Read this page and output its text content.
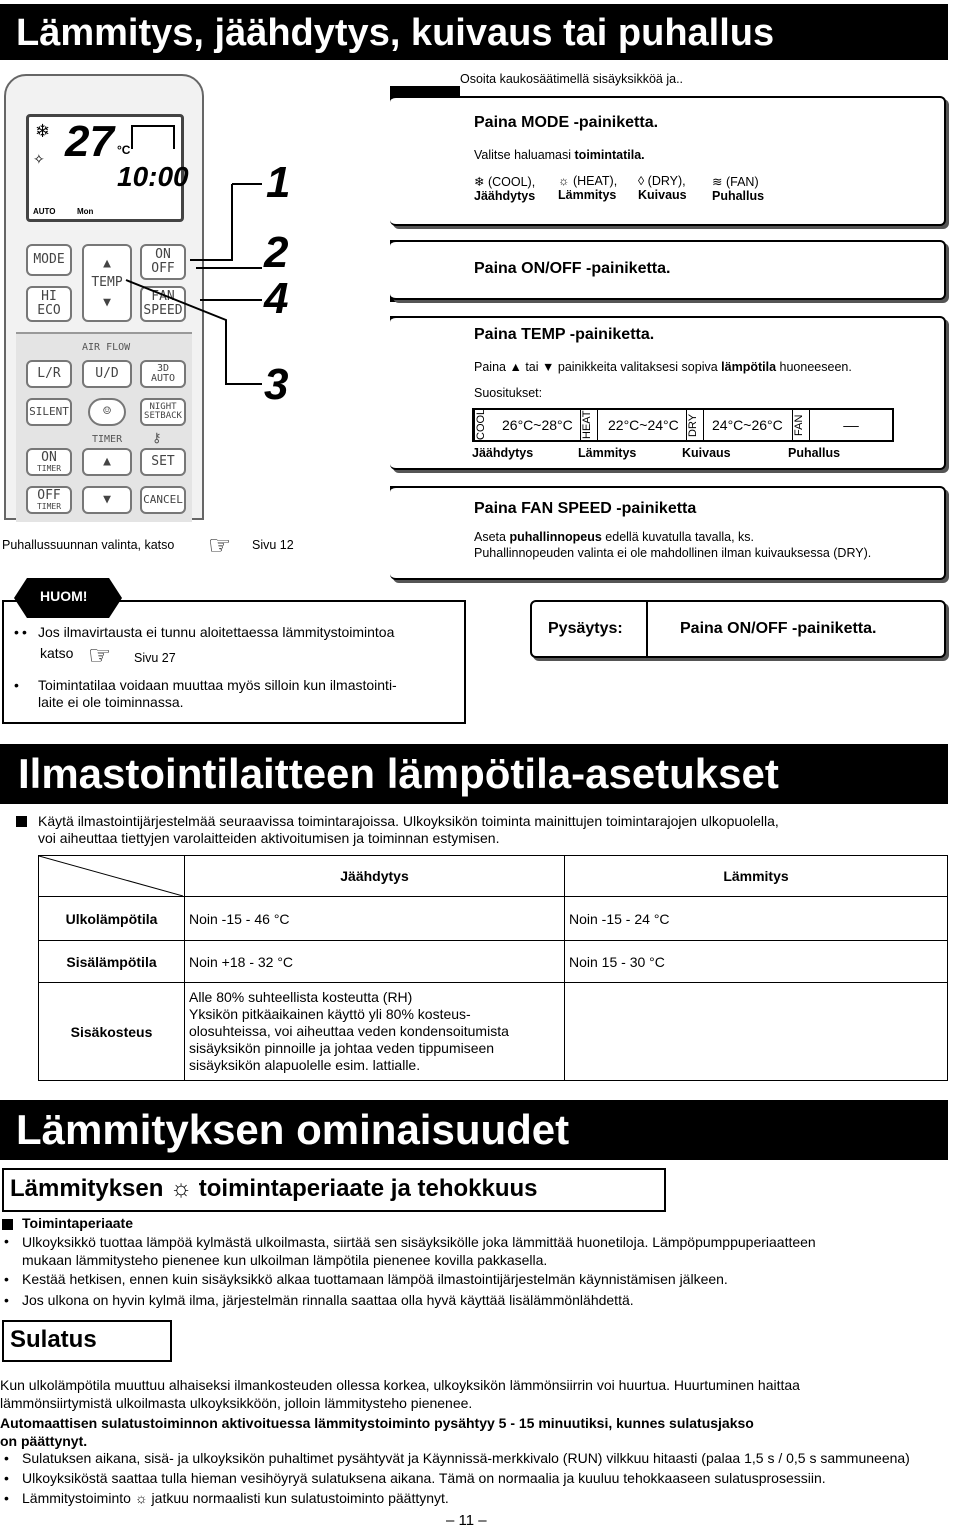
Lämmitys, jäähdytys, kuivaus tai puhallus
Osoita kaukosäätimellä sisäyksikköä ja..
❄
✧ 27 °C
10:00
AUTO	Mon
MODE
HI
ECO
▲
TEMP
▼
ON
OFF
FAN
SPEED
AIR FLOW
L/R	U/D	3D AUTO
SILENT	☺	NIGHT
SETBACK
TIMER ⚷
ON
TIMER	▲	SET
OFF
TIMER	▼	CANCEL
1
2
4
3
Puhallussuunnan valinta, katso ☞ Sivu 12
Paina MODE -painiketta.
Valitse haluamasi toimintatila.
❄ (COOL),
Jäähdytys
☼ (HEAT),
Lämmitys
◊ (DRY),
Kuivaus
≋ (FAN)
Puhallus
Paina ON/OFF -painiketta.
Paina TEMP -painiketta.
Paina ▲ tai ▼ painikkeita valitaksesi sopiva lämpötila huoneeseen.
Suositukset:
COOL	26°C~28°C HEAT	22°C~24°C DRY 24°C~26°C FAN	––
Jäähdytys	Lämmitys	Kuivaus	Puhallus
Paina FAN SPEED -painiketta
Aseta puhallinnopeus edellä kuvatulla tavalla, ks.
Puhallinnopeuden valinta ei ole mahdollinen ilman kuivauksessa (DRY).
HUOM!
Jos ilmavirtausta ei tunnu aloitettaessa lämmitystoimintoa
katso ☞ Sivu 27
Toimintatilaa voidaan muuttaa myös silloin kun ilmastointi-
laite ei ole toiminnassa.
•
•
Pysäytys:	Paina ON/OFF -painiketta.
Ilmastointilaitteen lämpötila-asetukset
Käytä ilmastointijärjestelmää seuraavissa toimintarajoissa. Ulkoyksikön toiminta mainittujen toimintarajojen ulkopuolella,
voi aiheuttaa tiettyjen varolaitteiden aktivoitumisen ja toiminnan estymisen.
	Jäähdytys	Lämmitys
Ulkolämpötila	Noin -15 - 46 °C	Noin -15 - 24 °C
Sisälämpötila	Noin +18 - 32 °C	Noin 15 - 30 °C
Sisäkosteus	Alle 80% suhteellista kosteutta (RH)
Yksikön pitkäaikainen käyttö yli 80% kosteus-
olosuhteissa, voi aiheuttaa veden kondensoitumista
sisäyksikön pinnoille ja johtaa veden tippumiseen
sisäyksikön alapuolelle esim. lattialle.	
Lämmityksen ominaisuudet
Lämmityksen ☼ toimintaperiaate ja tehokkuus
Toimintaperiaate
• Ulkoyksikkö tuottaa lämpöä kylmästä ulkoilmasta, siirtää sen sisäyksikölle joka lämmittää huonetiloja. Lämpöpumppuperiaatteen
mukaan lämmitysteho pienenee kun ulkoilman lämpötila pienenee kovilla pakkasella.
• Kestää hetkisen, ennen kuin sisäyksikkö alkaa tuottamaan lämpöä ilmastointijärjestelmän käynnistämisen jälkeen.
• Jos ulkona on hyvin kylmä ilma, järjestelmän rinnalla saattaa olla hyvä käyttää lisälämmönlähdettä.
Sulatus
Kun ulkolämpötila muuttuu alhaiseksi ilmankosteuden ollessa korkea, ulkoyksikön lämmönsiirrin voi huurtua. Huurtuminen haittaa
lämmönsiirtymistä ulkoilmasta ulkoyksikköön, jolloin lämmitysteho pienenee.
Automaattisen sulatustoiminnon aktivoituessa lämmitystoiminto pysähtyy 5 - 15 minuutiksi, kunnes sulatusjakso
on päättynyt.
• Sulatuksen aikana, sisä- ja ulkoyksikön puhaltimet pysähtyvät ja Käynnissä-merkkivalo (RUN) vilkkuu hitaasti (palaa 1,5 s / 0,5 s sammuneena)
• Ulkoyksiköstä saattaa tulla hieman vesihöyryä sulatuksena aikana. Tämä on normaalia ja kuuluu tehokkaaseen sulatusprosessiin.
• Lämmitystoiminto ☼ jatkuu normaalisti kun sulatustoiminto päättynyt.
– 11 –
